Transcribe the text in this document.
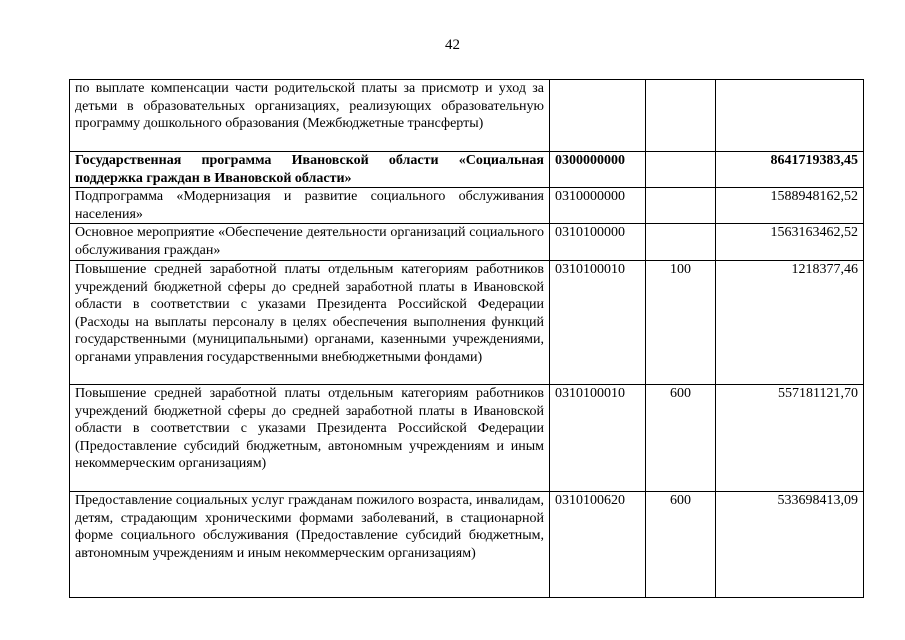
42
по выплате компенсации части родительской платы за присмотр и уход за детьми в образовательных организациях, реализующих образовательную программу дошкольного образования (Межбюджетные трансферты)			
Государственная программа Ивановской области «Социальная поддержка граждан в Ивановской области»	0300000000		8641719383,45
Подпрограмма «Модернизация и развитие социального обслуживания населения»	0310000000		1588948162,52
Основное мероприятие «Обеспечение деятельности организаций социального обслуживания граждан»	0310100000		1563163462,52
Повышение средней заработной платы отдельным категориям работников учреждений бюджетной сферы до средней заработной платы в Ивановской области в соответствии с указами Президента Российской Федерации (Расходы на выплаты персоналу в целях обеспечения выполнения функций государственными (муниципальными) органами, казенными учреждениями, органами управления государственными внебюджетными фондами)	0310100010	100	1218377,46
Повышение средней заработной платы отдельным категориям работников учреждений бюджетной сферы до средней заработной платы в Ивановской области в соответствии с указами Президента Российской Федерации (Предоставление субсидий бюджетным, автономным учреждениям и иным некоммерческим организациям)	0310100010	600	557181121,70
Предоставление социальных услуг гражданам пожилого возраста, инвалидам, детям, страдающим хроническими формами заболеваний, в стационарной форме социального обслуживания (Предоставление субсидий бюджетным, автономным учреждениям и иным некоммерческим организациям)	0310100620	600	533698413,09
